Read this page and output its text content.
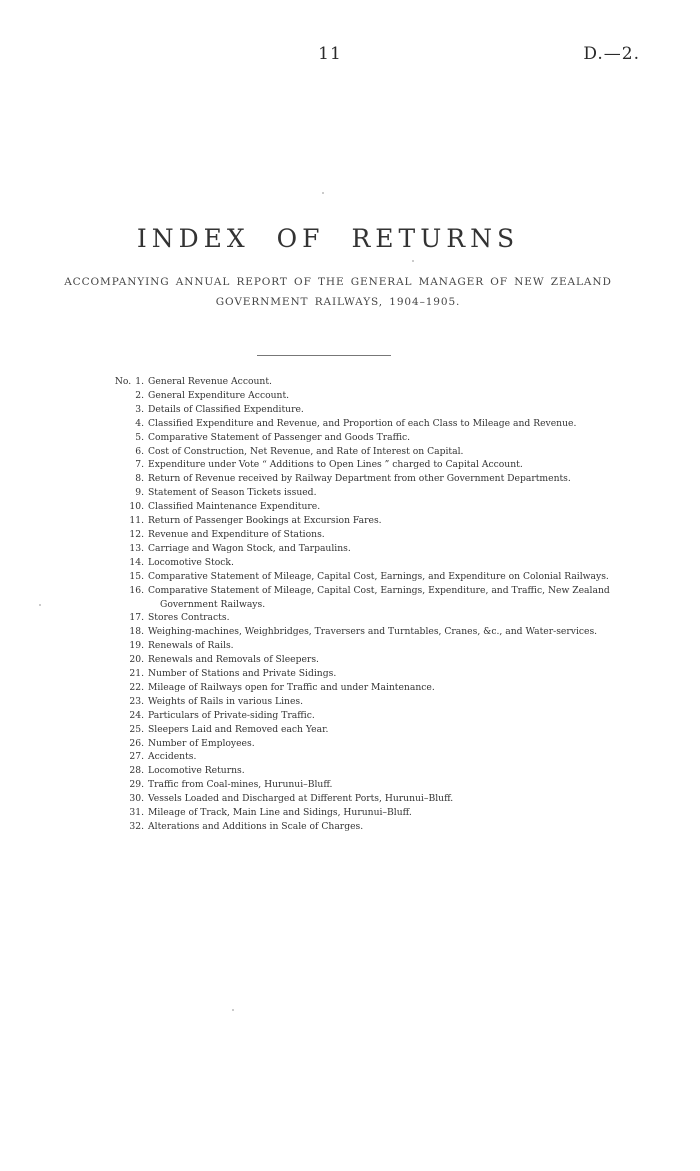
11	D.—2.
INDEX OF RETURNS
ACCOMPANYING ANNUAL REPORT OF THE GENERAL MANAGER OF NEW ZEALAND
GOVERNMENT RAILWAYS, 1904–1905.
No. 1. General Revenue Account.
2. General Expenditure Account.
3. Details of Classified Expenditure.
4. Classified Expenditure and Revenue, and Proportion of each Class to Mileage and Revenue.
5. Comparative Statement of Passenger and Goods Traffic.
6. Cost of Construction, Net Revenue, and Rate of Interest on Capital.
7. Expenditure under Vote “ Additions to Open Lines ” charged to Capital Account.
8. Return of Revenue received by Railway Department from other Government Departments.
9. Statement of Season Tickets issued.
10. Classified Maintenance Expenditure.
11. Return of Passenger Bookings at Excursion Fares.
12. Revenue and Expenditure of Stations.
13. Carriage and Wagon Stock, and Tarpaulins.
14. Locomotive Stock.
15. Comparative Statement of Mileage, Capital Cost, Earnings, and Expenditure on Colonial Railways.
16. Comparative Statement of Mileage, Capital Cost, Earnings, Expenditure, and Traffic, New Zealand Government Railways.
17. Stores Contracts.
18. Weighing-machines, Weighbridges, Traversers and Turntables, Cranes, &c., and Water-services.
19. Renewals of Rails.
20. Renewals and Removals of Sleepers.
21. Number of Stations and Private Sidings.
22. Mileage of Railways open for Traffic and under Maintenance.
23. Weights of Rails in various Lines.
24. Particulars of Private-siding Traffic.
25. Sleepers Laid and Removed each Year.
26. Number of Employees.
27. Accidents.
28. Locomotive Returns.
29. Traffic from Coal-mines, Hurunui–Bluff.
30. Vessels Loaded and Discharged at Different Ports, Hurunui–Bluff.
31. Mileage of Track, Main Line and Sidings, Hurunui–Bluff.
32. Alterations and Additions in Scale of Charges.
